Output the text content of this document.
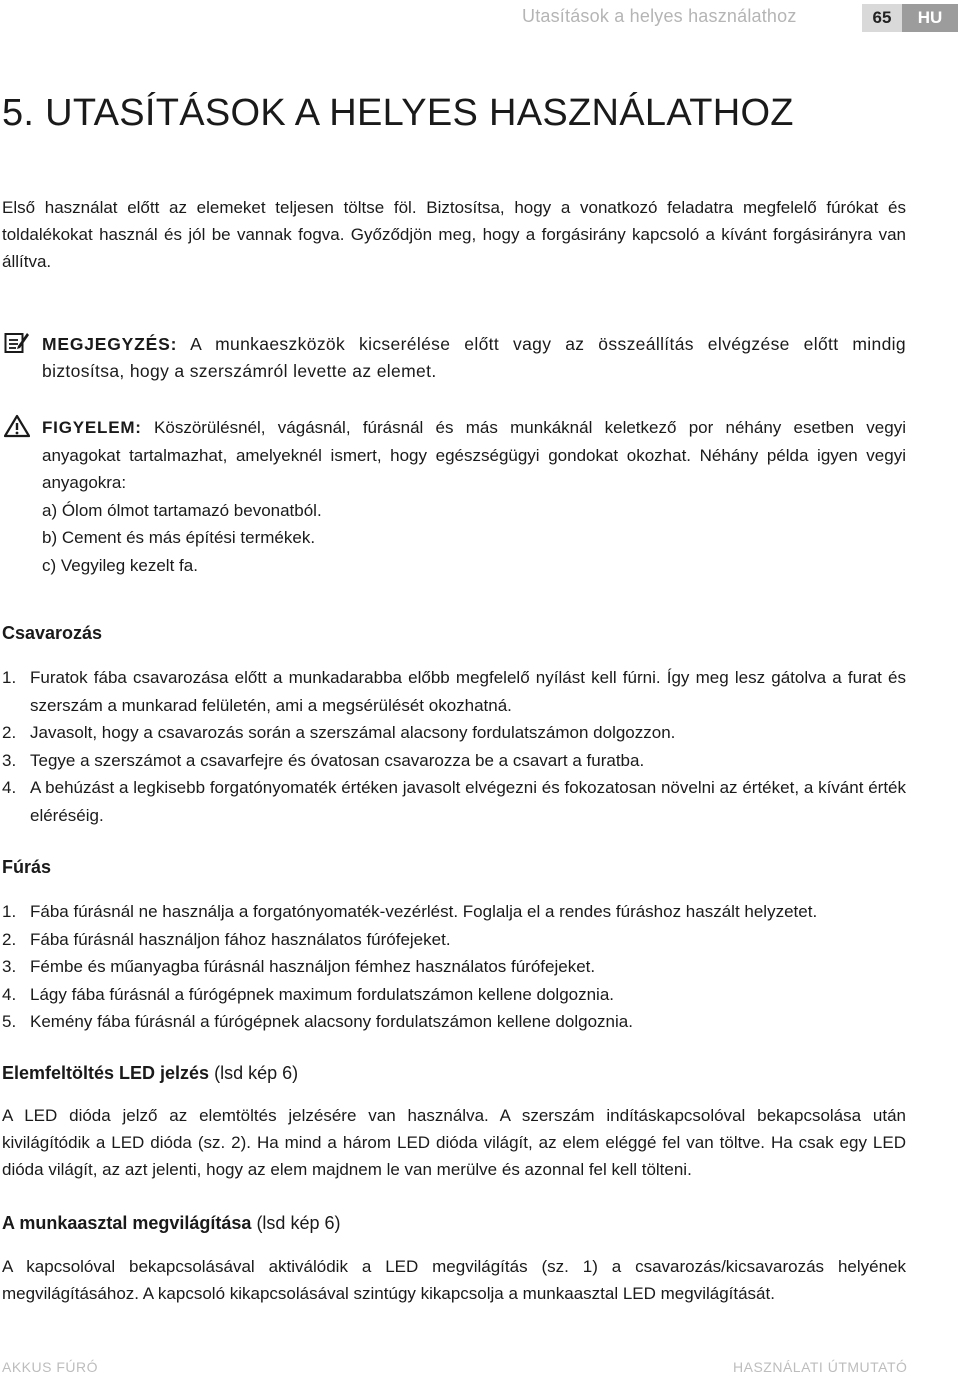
Utasítások a helyes használathoz	65	HU
5. UTASÍTÁSOK A HELYES HASZNÁLATHOZ

Első használat előtt az elemeket teljesen töltse föl. Biztosítsa, hogy a vonatkozó feladatra megfelelő fúrókat és toldalékokat használ és jól be vannak fogva. Győződjön meg, hogy a forgásirány kapcsoló a kívánt forgásirányra van állítva.

MEGJEGYZÉS: A munkaeszközök kicserélése előtt vagy az összeállítás elvégzése előtt mindig biztosítsa, hogy a szerszámról levette az elemet.

FIGYELEM: Köszörülésnél, vágásnál, fúrásnál és más munkáknál keletkező por néhány esetben vegyi anyagokat tartalmazhat, amelyeknél ismert, hogy egészségügyi gondokat okozhat. Néhány példa igyen vegyi anyagokra:
a) Ólom ólmot tartamazó bevonatból.
b) Cement és más építési termékek.
c) Vegyileg kezelt fa.
Csavarozás
1. Furatok fába csavarozása előtt a munkadarabba előbb megfelelő nyílást kell fúrni. Így meg lesz gátolva a furat és szerszám a munkarad felületén, ami a megsérülését okozhatná.
2. Javasolt, hogy a csavarozás során a szerszámal alacsony fordulatszámon dolgozzon.
3. Tegye a szerszámot a csavarfejre és óvatosan csavarozza be a csavart a furatba.
4. A behúzást a legkisebb forgatónyomaték értéken javasolt elvégezni és fokozatosan növelni az értéket, a kívánt érték eléréséig.
Fúrás
1. Fába fúrásnál ne használja a forgatónyomaték-vezérlést. Foglalja el a rendes fúráshoz haszált helyzetet.
2. Fába fúrásnál használjon fához használatos fúrófejeket.
3. Fémbe és műanyagba fúrásnál használjon fémhez használatos fúrófejeket.
4. Lágy fába fúrásnál a fúrógépnek maximum fordulatszámon kellene dolgoznia.
5. Kemény fába fúrásnál a fúrógépnek alacsony fordulatszámon kellene dolgoznia.
Elemfeltöltés LED jelzés (lsd kép 6)

A LED dióda jelző az elemtöltés jelzésére van használva. A szerszám indításkapcsolóval bekapcsolása után kivilágítódik a LED dióda (sz. 2). Ha mind a három LED dióda világít, az elem eléggé fel van töltve. Ha csak egy LED dióda világít, az azt jelenti, hogy az elem majdnem le van merülve és azonnal fel kell tölteni.

A munkaasztal megvilágítása (lsd kép 6)

A kapcsolóval bekapcsolásával aktiválódik a LED megvilágítás (sz. 1) a csavarozás/kicsavarozás helyének megvilágításához. A kapcsoló kikapcsolásával szintúgy kikapcsolja a munkaasztal LED megvilágítását.

AKKUS FÚRÓ	HASZNÁLATI ÚTMUTATÓ
